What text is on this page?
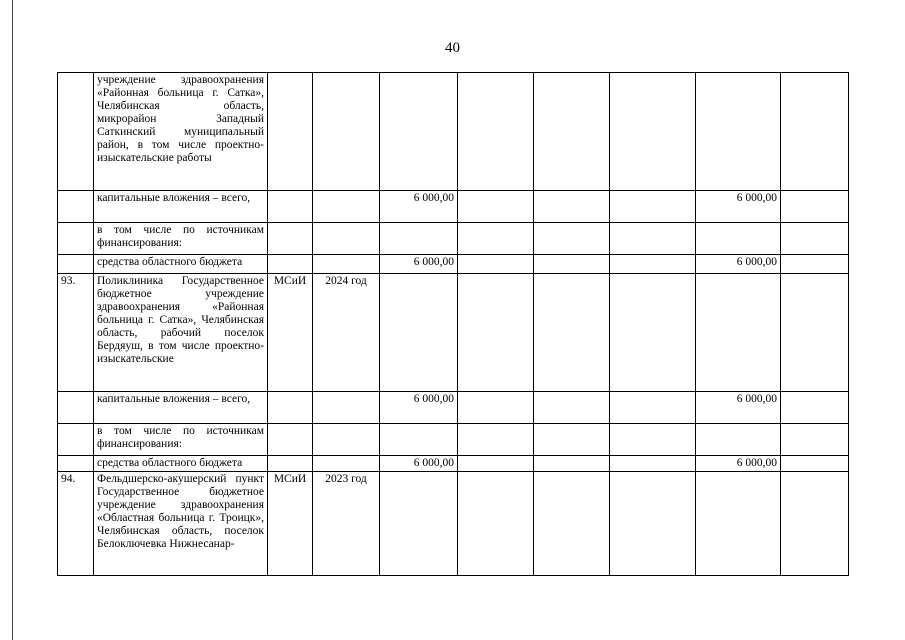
40
	учреждение здравоохранения «Районная больница г. Сатка», Челябинская область, микрорайон Западный Саткинский муниципальный район, в том числе проектно-изыскательские работы								
	капитальные вложения – всего,			6 000,00				6 000,00	
	в том числе по источникам финансирования:								
	средства областного бюджета			6 000,00				6 000,00	
93.	Поликлиника Государственное бюджетное учреждение здравоохранения «Районная больница г. Сатка», Челябинская область, рабочий поселок Бердяуш, в том числе проектно-изыскательские	МСиИ	2024 год						
	капитальные вложения – всего,			6 000,00				6 000,00	
	в том числе по источникам финансирования:								
	средства областного бюджета			6 000,00				6 000,00	
94.	Фельдшерско-акушерский пункт Государственное бюджетное учреждение здравоохранения «Областная больница г. Троицк», Челябинская область, поселок Белоключевка Нижнесанар-	МСиИ	2023 год						
